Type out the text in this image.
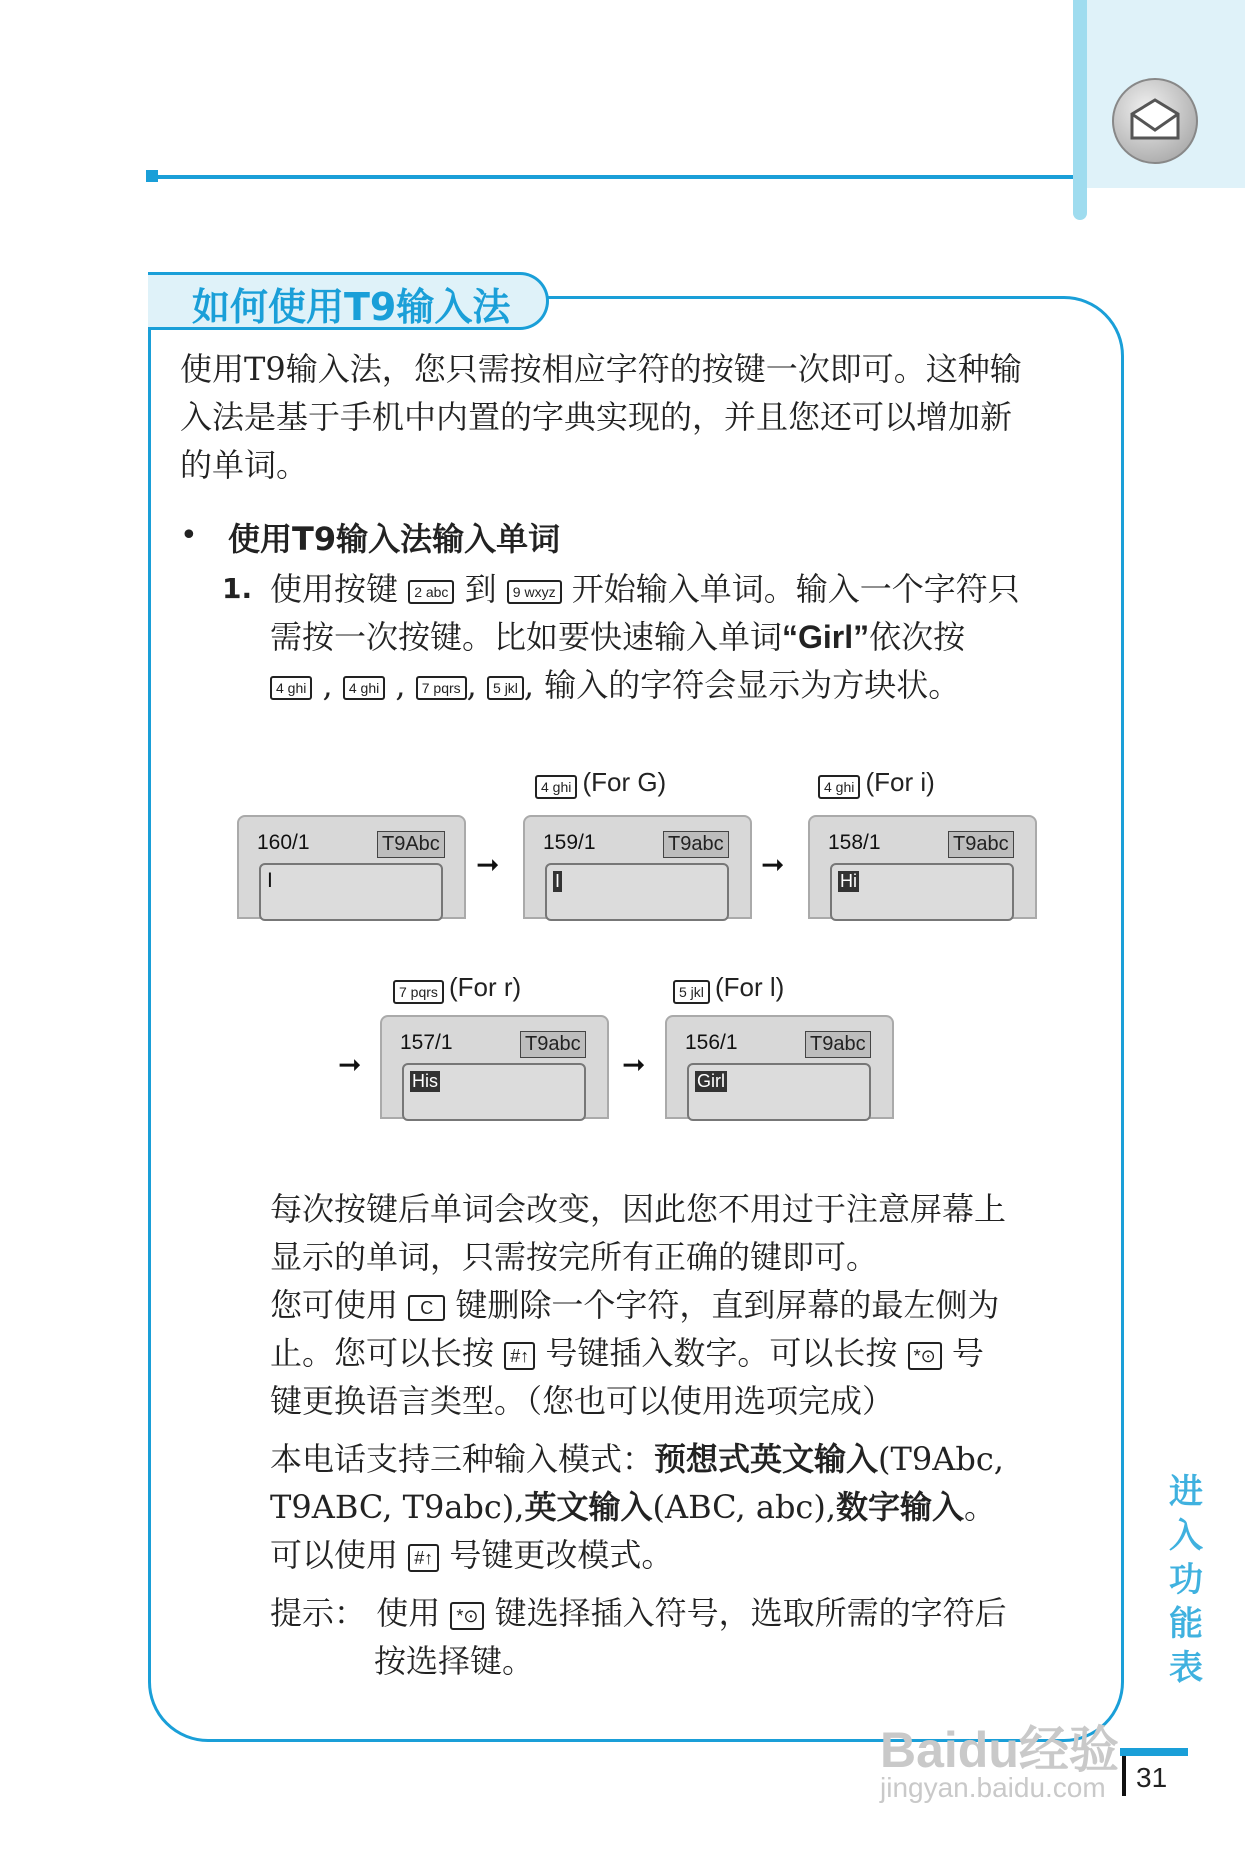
如何使用T9输入法
使用T9输入法，您只需按相应字符的按键一次即可。这种输
入法是基于手机中内置的字典实现的，并且您还可以增加新
的单词。
• 使用T9输入法输入单词
1. 使用按键 2 abc 到 9 wxyz 开始输入单词。输入一个字符只
需按一次按键。比如要快速输入单词“Girl”依次按
4 ghi , 4 ghi , 7 pqrs , 5 jkl , 输入的字符会显示为方块状。
4 ghi (For G)	4 ghi (For i)
160/1	T9Abc
I	➞
159/1	T9abc
I	➞
158/1	T9abc
Hi
7 pqrs (For r)	5 jkl (For l)
➞
157/1	T9abc
His	➞
156/1	T9abc
Girl
每次按键后单词会改变，因此您不用过于注意屏幕上
显示的单词，只需按完所有正确的键即可。
您可使用 C 键删除一个字符，直到屏幕的最左侧为
止。您可以长按 #↑ 号键插入数字。可以长按 *⊙ 号
键更换语言类型。（您也可以使用选项完成）
本电话支持三种输入模式：预想式英文输入(T9Abc,
T9ABC, T9abc),英文输入(ABC, abc),数字输入。
可以使用 #↑ 号键更改模式。
提示： 使用 *⊙ 键选择插入符号，选取所需的字符后
按选择键。
进入功能表
31
Baidu经验
jingyan.baidu.com
